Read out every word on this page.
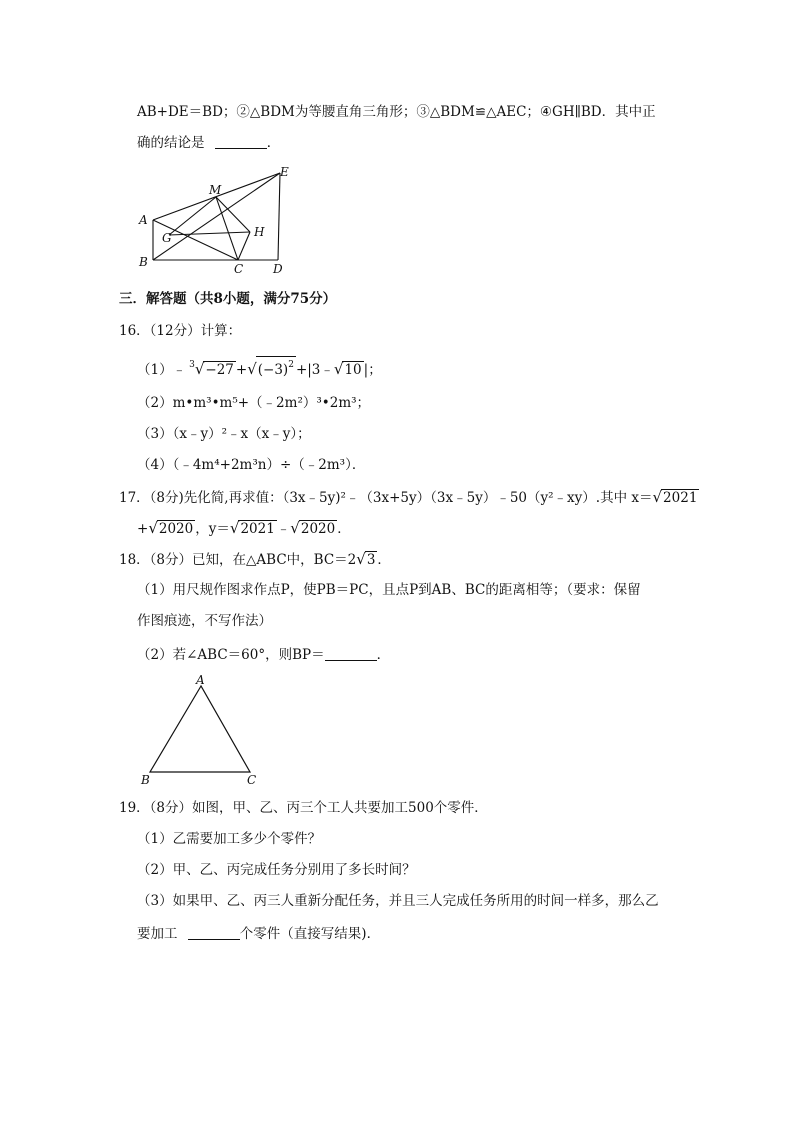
AB+DE＝BD；②△BDM为等腰直角三角形；③△BDM≌△AEC；④GH∥BD．其中正
确的结论是	．
A
B	C D
E
M
G	H
三．解答题（共8小题，满分75分）
16．（12分）计算：
（1）﹣ $^3√-27 +√(-3)^2$ +|3﹣√10 |；
（2）m•m³•m⁵+（﹣2m²）³•2m³；
（3）（x﹣y）²﹣x（x﹣y）；
（4）（﹣4m⁴+2m³n）÷（﹣2m³）．
17．（8分)先化简,再求值：（3x﹣5y)²﹣（3x+5y）（3x﹣5y）﹣50（y²﹣xy）.其中 x＝√2021
+√2020 ，y＝√2021 ﹣√2020 ．
18．（8分）已知，在△ABC中，BC＝2√3 ．
（1）用尺规作图求作点P，使PB＝PC，且点P到AB、BC的距离相等；（要求：保留
作图痕迹，不写作法）
（2）若∠ABC＝60°，则BP＝	．
A
B	C
19．（8分）如图，甲、乙、丙三个工人共要加工500个零件．
（1）乙需要加工多少个零件？
（2）甲、乙、丙完成任务分别用了多长时间？
（3）如果甲、乙、丙三人重新分配任务，并且三人完成任务所用的时间一样多，那么乙
要加工	个零件（直接写结果)．
